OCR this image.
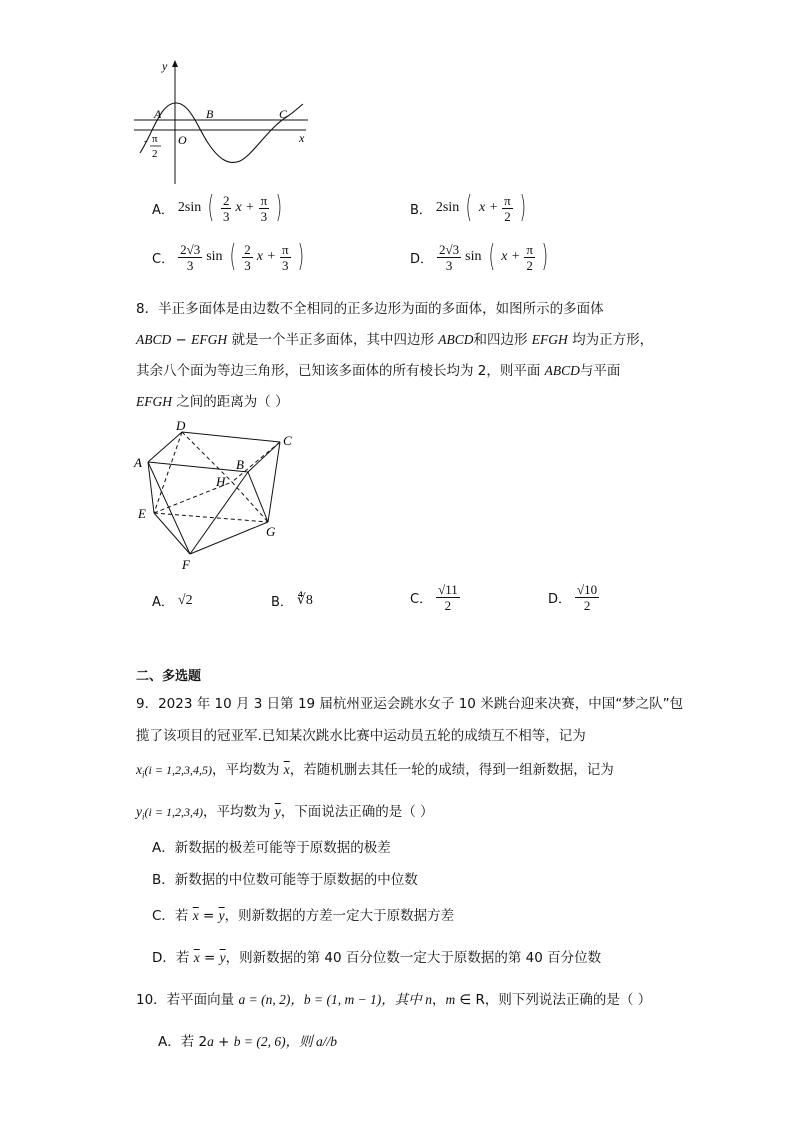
y
x
O
A	B	C
- π
2
A． 2sin ( $\frac{2}{3}$ $x + \frac{\pi}{3}$ )	B． 2sin ( $x + \frac{\pi}{2}$ )
C． $\frac{2√3}{3}$ sin ( $\frac{2}{3}$ $x + \frac{\pi}{3}$ )	D． $\frac{2√3}{3}$ sin ( $x + \frac{\pi}{2}$ )
8．半正多面体是由边数不全相同的正多边形为面的多面体，如图所示的多面体
ABCD − EFGH 就是一个半正多面体，其中四边形 ABCD和四边形 EFGH 均为正方形，
其余八个面为等边三角形，已知该多面体的所有棱长均为 2，则平面 ABCD与平面
EFGH 之间的距离为（ ）
D
C
A	B
H
E
G
F
A． √2	B． ∜8	C． $\frac{√11}{2}$	D． $\frac{√10}{2}$
二、多选题
9．2023 年 10 月 3 日第 19 届杭州亚运会跳水女子 10 米跳台迎来决赛，中国“梦之队”包
揽了该项目的冠亚军.已知某次跳水比赛中运动员五轮的成绩互不相等，记为
$x_i(i = 1,2,3,4,5)$，平均数为 $\overline{x}$，若随机删去其任一轮的成绩，得到一组新数据，记为
$y_i(i = 1,2,3,4)$，平均数为 $\overline{y}$，下面说法正确的是（ ）
A．新数据的极差可能等于原数据的极差
B．新数据的中位数可能等于原数据的中位数
C．若 $\overline{x} = \overline{y}$，则新数据的方差一定大于原数据方差
D．若 $\overline{x} = \overline{y}$，则新数据的第 40 百分位数一定大于原数据的第 40 百分位数
10．若平面向量 a = (n, 2)，b = (1, m − 1)，其中 n，m ∈ R，则下列说法正确的是（ ）
A．若 2a + b = (2, 6)，则 a//b
